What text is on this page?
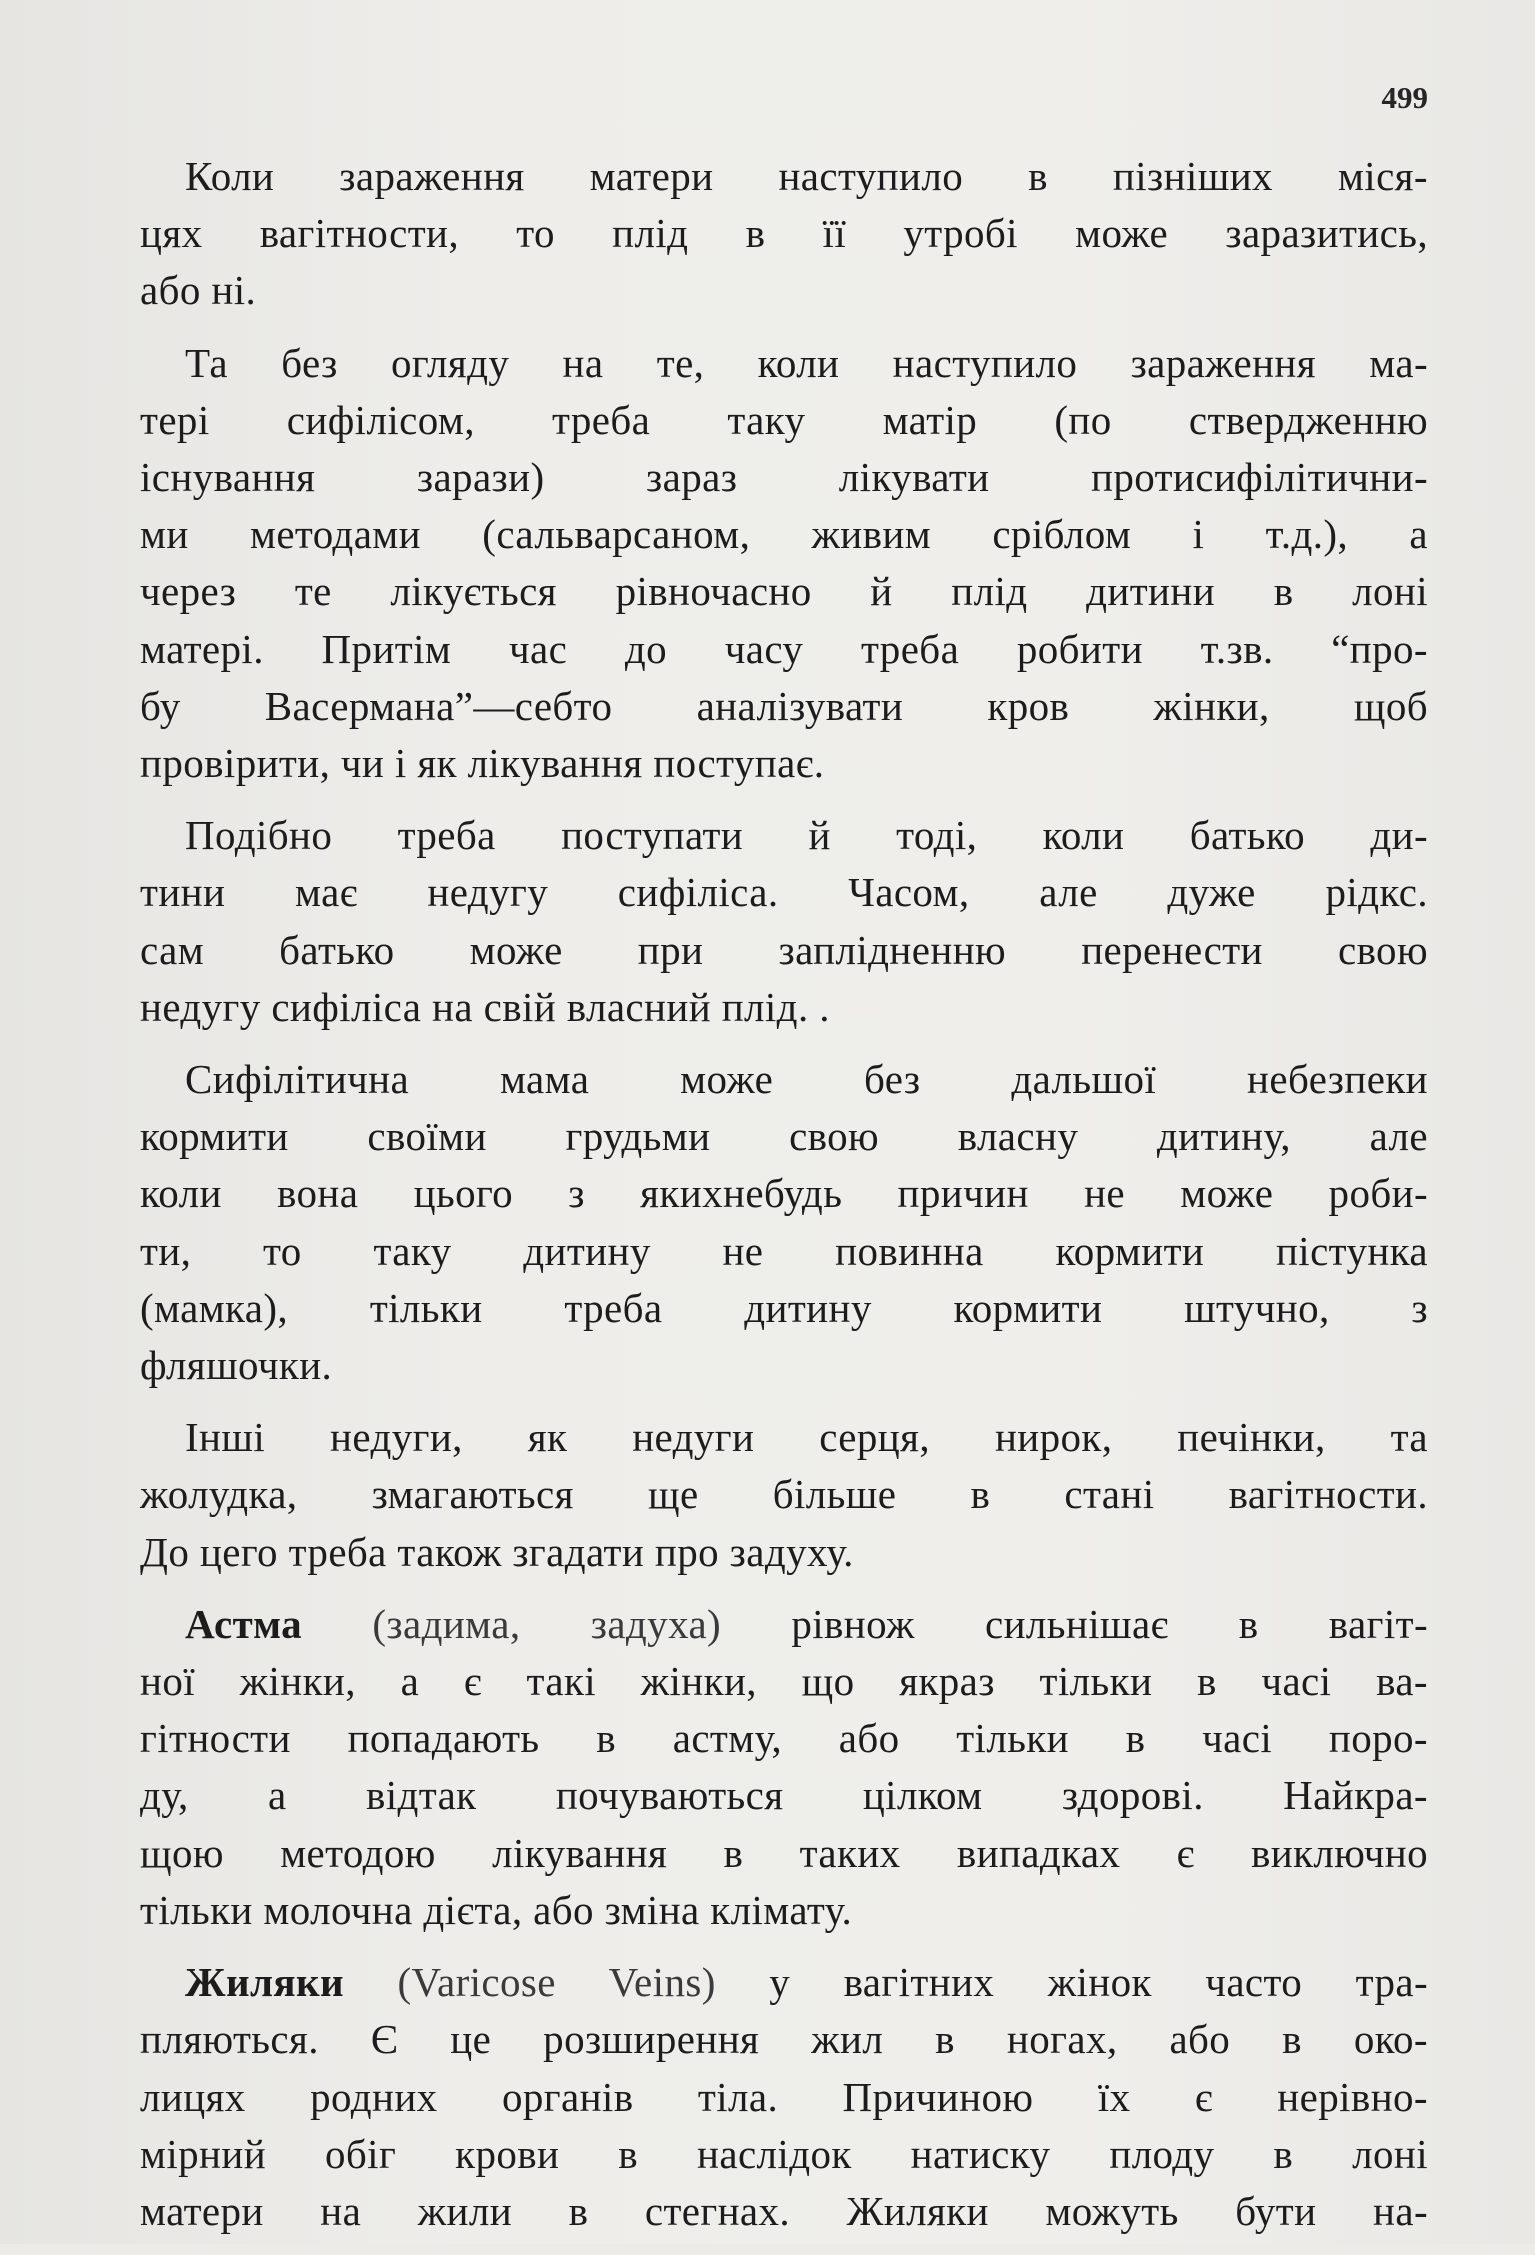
499

Коли зараження матери наступило в пізніших міся-
цях вагітности, то плід в її утробі може заразитись,
або ні.

Та без огляду на те, коли наступило зараження ма-
тері сифілісом, треба таку матір (по ствердженню
існування зарази) зараз лікувати протисифілітични-
ми методами (сальварсаном, живим сріблом і т.д.), а
через те лікується рівночасно й плід дитини в лоні
матері. Притім час до часу треба робити т.зв. “про-
бу Васермана”—себто аналізувати кров жінки, щоб
провірити, чи і як лікування поступає.

Подібно треба поступати й тоді, коли батько ди-
тини має недугу сифіліса. Часом, але дуже рідкс.
сам батько може при заплідненню перенести свою
недугу сифіліса на свій власний плід. .

Сифілітична мама може без дальшої небезпеки
кормити своїми грудьми свою власну дитину, але
коли вона цього з якихнебудь причин не може роби-
ти, то таку дитину не повинна кормити пістунка
(мамка), тільки треба дитину кормити штучно, з
фляшочки.

Інші недуги, як недуги серця, нирок, печінки, та
жолудка, змагаються ще більше в стані вагітности.
До цего треба також згадати про задуху.

Астма (задима, задуха) рівнож сильнішає в вагіт-
ної жінки, а є такі жінки, що якраз тільки в часі ва-
гітности попадають в астму, або тільки в часі поро-
ду, а відтак почуваються цілком здорові. Найкра-
щою методою лікування в таких випадках є виключно
тільки молочна дієта, або зміна клімату.

Жиляки (Varicose Veins) у вагітних жінок часто тра-
пляються. Є це розширення жил в ногах, або в око-
лицях родних органів тіла. Причиною їх є нерівно-
мірний обіг крови в наслідок натиску плоду в лоні
матери на жили в стегнах. Жиляки можуть бути на-
